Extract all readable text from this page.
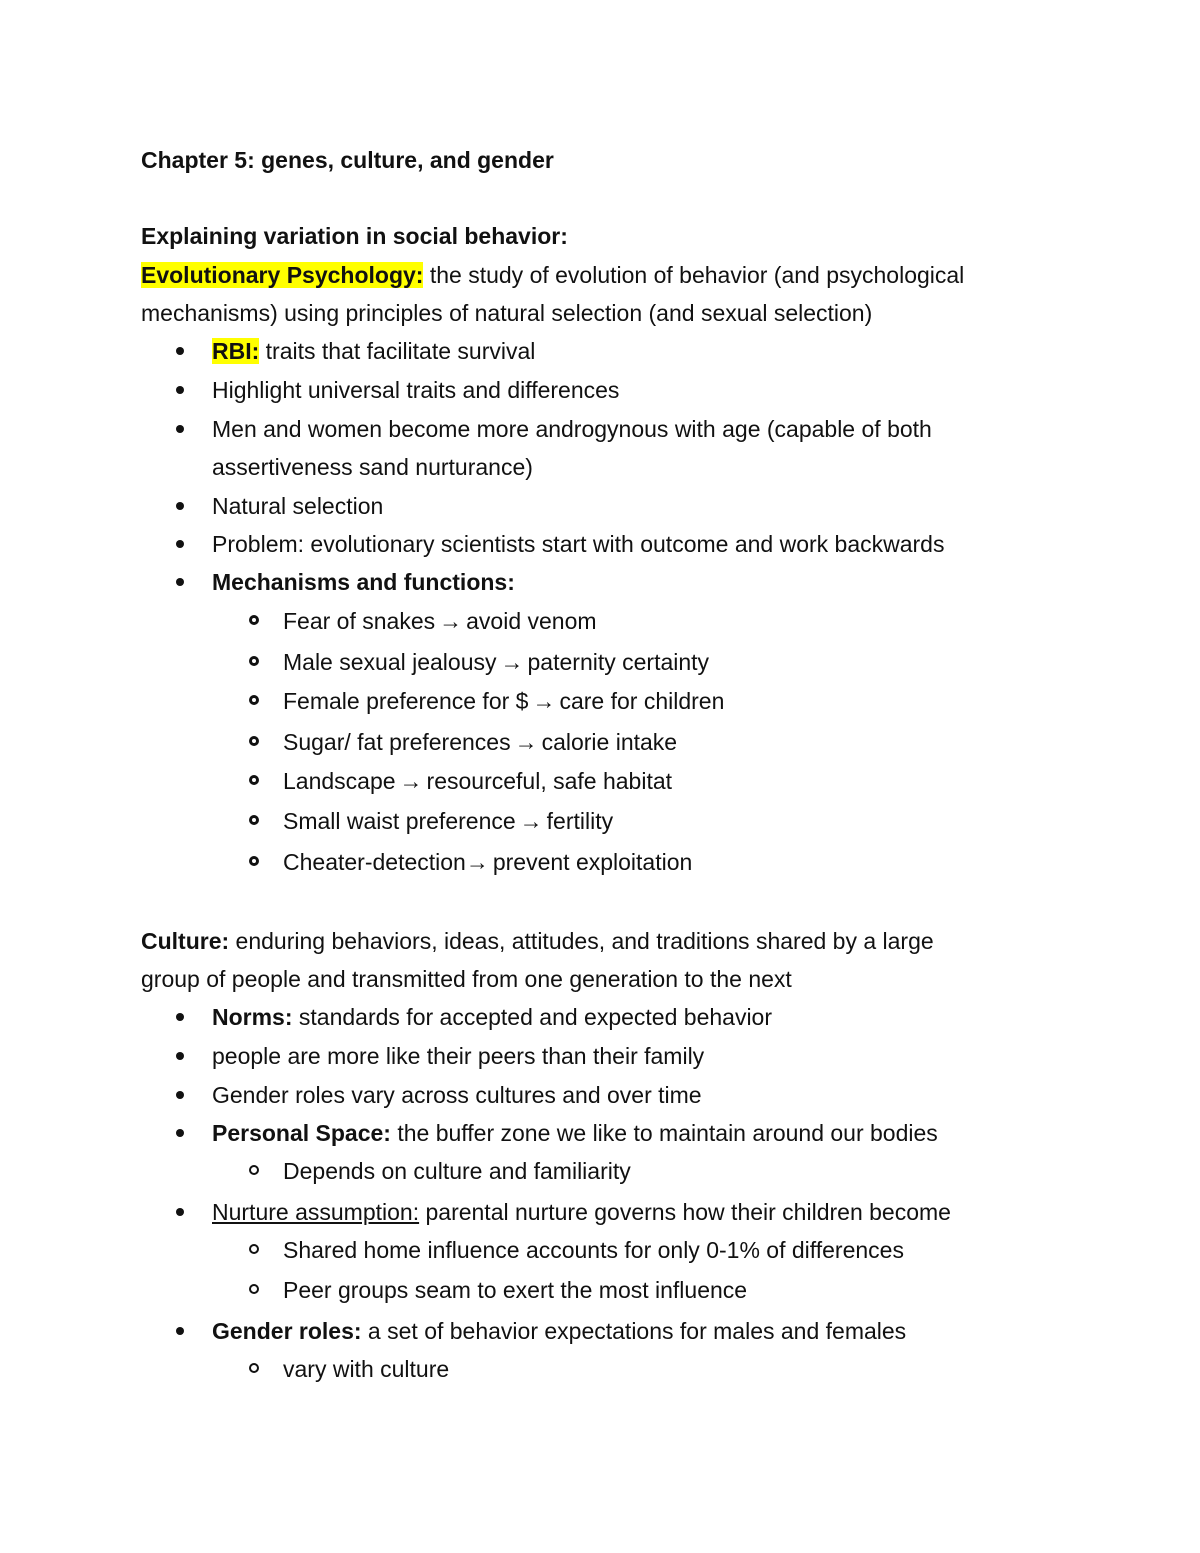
Chapter 5: genes, culture, and gender
Explaining variation in social behavior:
Evolutionary Psychology: the study of evolution of behavior (and psychological
mechanisms) using principles of natural selection (and sexual selection)
RBI: traits that facilitate survival
Highlight universal traits and differences
Men and women become more androgynous with age (capable of both
assertiveness sand nurturance)
Natural selection
Problem: evolutionary scientists start with outcome and work backwards
Mechanisms and functions:
Fear of snakes → avoid venom
Male sexual jealousy → paternity certainty
Female preference for $ → care for children
Sugar/ fat preferences → calorie intake
Landscape → resourceful, safe habitat
Small waist preference → fertility
Cheater-detection→ prevent exploitation
Culture: enduring behaviors, ideas, attitudes, and traditions shared by a large
group of people and transmitted from one generation to the next
Norms: standards for accepted and expected behavior
people are more like their peers than their family
Gender roles vary across cultures and over time
Personal Space: the buffer zone we like to maintain around our bodies
Depends on culture and familiarity
Nurture assumption: parental nurture governs how their children become
Shared home influence accounts for only 0-1% of differences
Peer groups seam to exert the most influence
Gender roles: a set of behavior expectations for males and females
vary with culture
